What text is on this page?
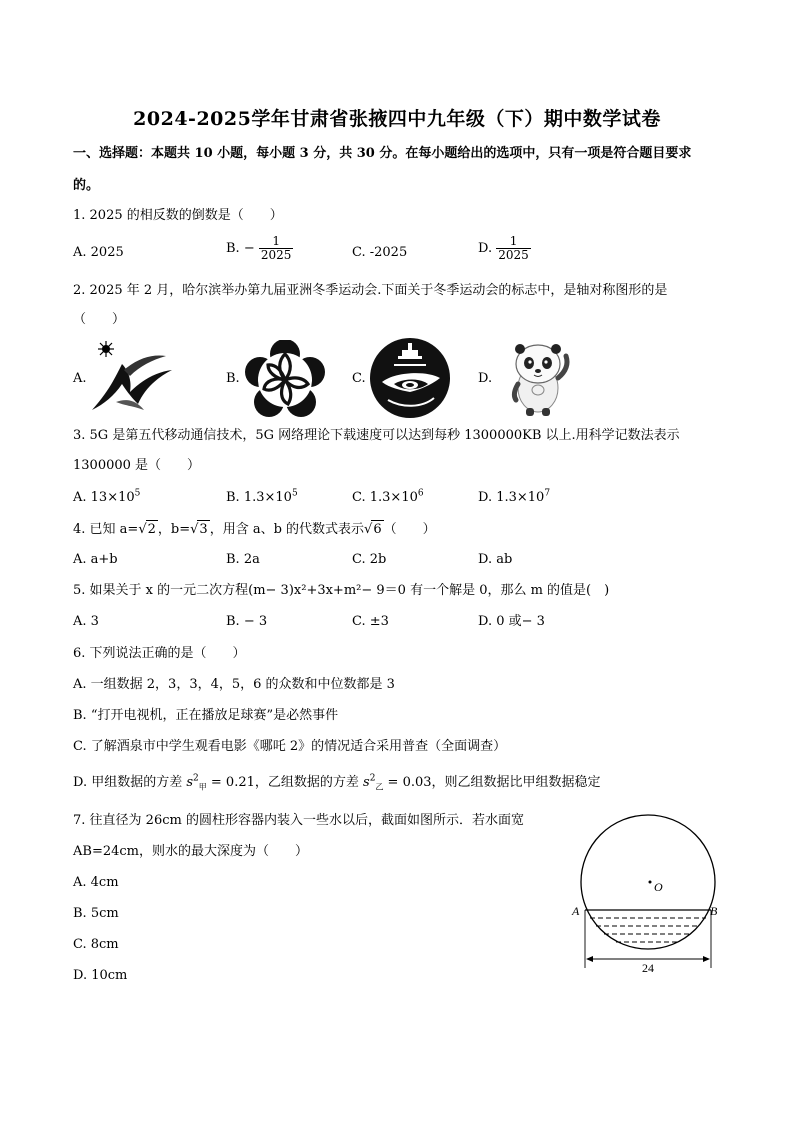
2024-2025学年甘肃省张掖四中九年级（下）期中数学试卷
一、选择题：本题共 10 小题，每小题 3 分，共 30 分。在每小题给出的选项中，只有一项是符合题目要求
的。
1. 2025 的相反数的倒数是（　　）
A. 2025	B. − $\frac{1}{2025}$	C. -2025	D. $\frac{1}{2025}$
2. 2025 年 2 月，哈尔滨举办第九届亚洲冬季运动会.下面关于冬季运动会的标志中，是轴对称图形的是
（　　）
A.	B.	C.	D.
3. 5G 是第五代移动通信技术，5G 网络理论下载速度可以达到每秒 1300000KB 以上.用科学记数法表示
1300000 是（　　）
A. $13\times 10^5$	B. $1.3\times 10^5$	C. $1.3\times 10^6$	D. $1.3\times 10^7$
4. 已知 a=√2 ，b=√3 ，用含 a、b 的代数式表示√6 （　　）
A. a+b	B. 2a	C. 2b	D. ab
5. 如果关于 x 的一元二次方程(m− 3)x²+3x+m²− 9＝0 有一个解是 0，那么 m 的值是(　)
A. 3	B. − 3	C. ±3	D. 0 或− 3
6. 下列说法正确的是（　　）
A. 一组数据 2，3，3，4，5，6 的众数和中位数都是 3
B. “打开电视机，正在播放足球赛”是必然事件
C. 了解酒泉市中学生观看电影《哪吒 2》的情况适合采用普查（全面调查）
D. 甲组数据的方差 $s^2_甲 = 0.21$，乙组数据的方差 $s^2_乙 = 0.03$，则乙组数据比甲组数据稳定
7. 往直径为 26cm 的圆柱形容器内装入一些水以后，截面如图所示．若水面宽
AB=24cm，则水的最大深度为（　　）
A. 4cm
B. 5cm
C. 8cm
D. 10cm
O
A	B
24
